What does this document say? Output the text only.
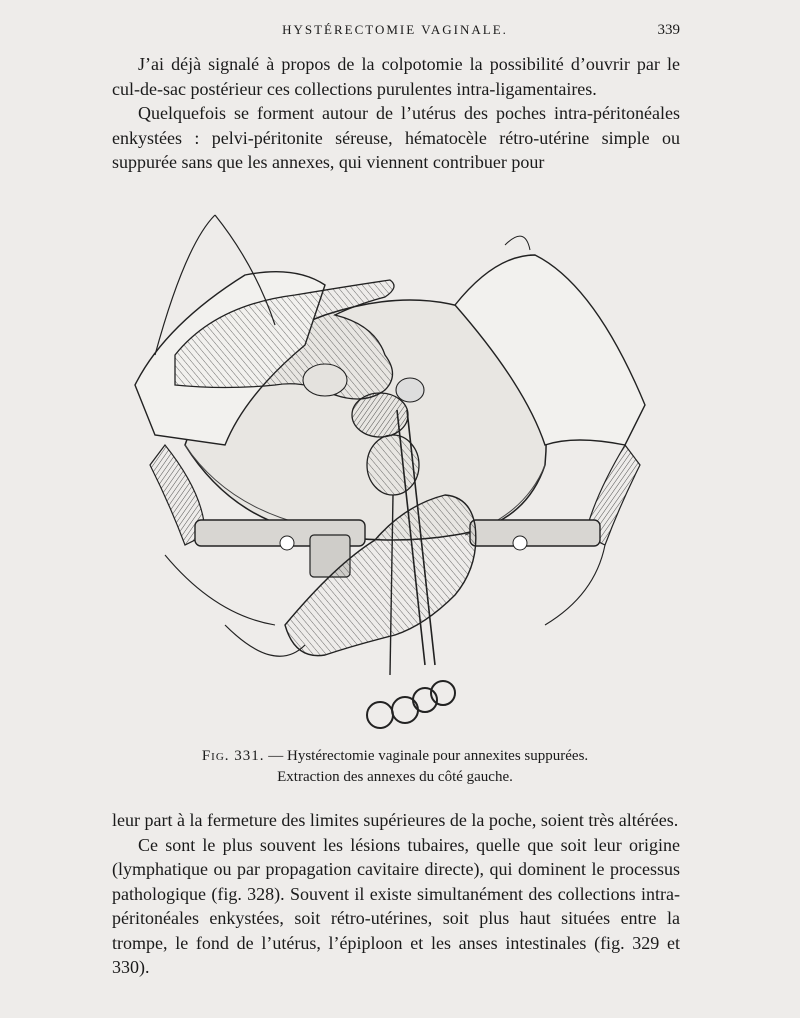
HYSTÉRECTOMIE VAGINALE.	339

J’ai déjà signalé à propos de la colpotomie la possibilité d’ouvrir par le cul-de-sac postérieur ces collections purulentes intra-ligamentaires.

Quelquefois se forment autour de l’utérus des poches intra-péritonéales enkystées : pelvi-péritonite séreuse, hématocèle rétro-utérine simple ou suppurée sans que les annexes, qui viennent contribuer pour

Fig. 331. — Hystérectomie vaginale pour annexites suppurées.
Extraction des annexes du côté gauche.

leur part à la fermeture des limites supérieures de la poche, soient très altérées.

Ce sont le plus souvent les lésions tubaires, quelle que soit leur origine (lymphatique ou par propagation cavitaire directe), qui dominent le processus pathologique (fig. 328). Souvent il existe simultanément des collections intra-péritonéales enkystées, soit rétro-utérines, soit plus haut situées entre la trompe, le fond de l’utérus, l’épiploon et les anses intestinales (fig. 329 et 330).
